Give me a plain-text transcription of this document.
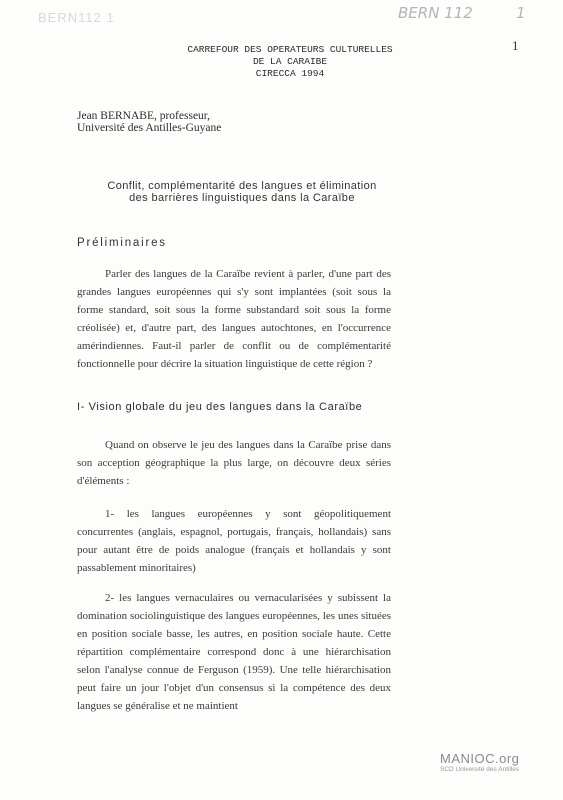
BERN112 1	BERN 112	1
1
CARREFOUR DES OPERATEURS CULTURELLES
DE LA CARAIBE
CIRECCA 1994
Jean BERNABE, professeur,
Université des Antilles-Guyane
Conflit, complémentarité des langues et élimination
des barrières linguistiques dans la Caraïbe
Préliminaires
Parler des langues de la Caraïbe revient à parler, d'une part des grandes langues européennes qui s'y sont implantées (soit sous la forme standard, soit sous la forme substandard soit sous la forme créolisée) et, d'autre part, des langues autochtones, en l'occurrence amérindiennes. Faut-il parler de conflit ou de complémentarité fonctionnelle pour décrire la situation linguistique de cette région ?
I- Vision globale du jeu des langues dans la Caraïbe
Quand on observe le jeu des langues dans la Caraïbe prise dans son acception géographique la plus large, on découvre deux séries d'éléments :
1- les langues européennes y sont géopolitiquement concurrentes (anglais, espagnol, portugais, français, hollandais) sans pour autant être de poids analogue (français et hollandais y sont passablement minoritaires)
2- les langues vernaculaires ou vernacularisées y subissent la domination sociolinguistique des langues européennes, les unes situées en position sociale basse, les autres, en position sociale haute. Cette répartition complémentaire correspond donc à une hiérarchisation selon l'analyse connue de Ferguson (1959). Une telle hiérarchisation peut faire un jour l'objet d'un consensus si la compétence des deux langues se généralise et ne maintient
MANIOC.org
SCD Université des Antilles
